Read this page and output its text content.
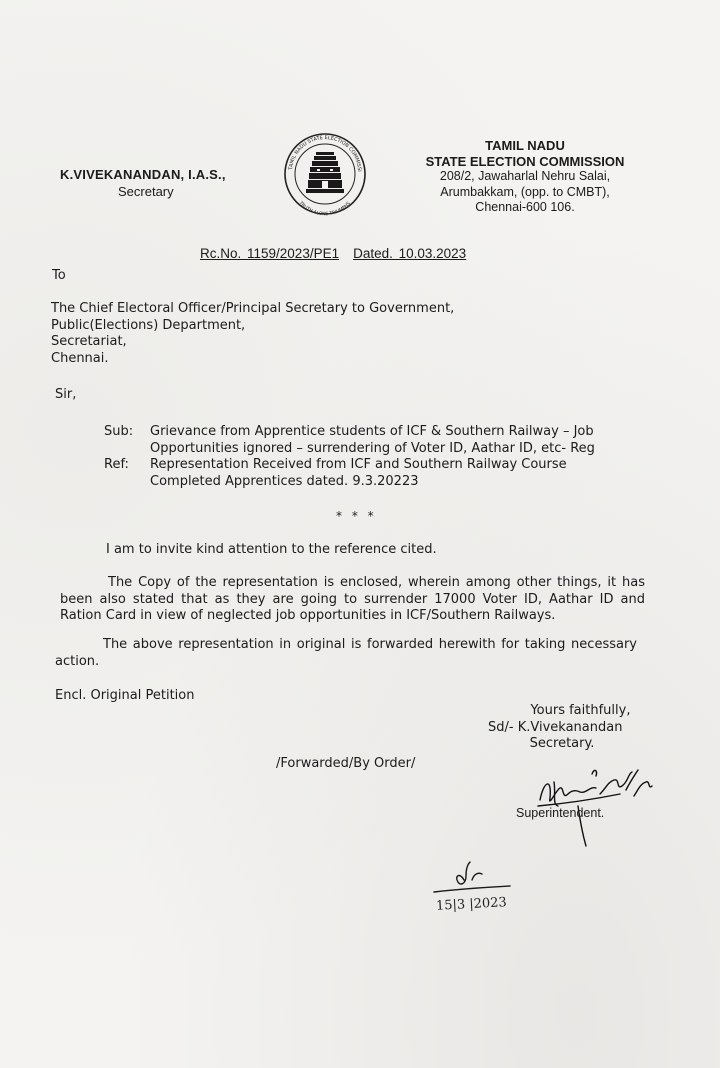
K.VIVEKANANDAN, I.A.S.,
Secretary
TAMIL NADU STATE ELECTION COMMISSI
TRUTH ALONE TRIUMPHS
TAMIL NADU
STATE ELECTION COMMISSION
208/2, Jawaharlal Nehru Salai,
Arumbakkam, (opp. to CMBT),
Chennai-600 106.
Rc.No. 1159/2023/PE1 Dated. 10.03.2023
To
The Chief Electoral Officer/Principal Secretary to Government,
Public(Elections) Department,
Secretariat,
Chennai.
Sir,
Sub: Grievance from Apprentice students of ICF & Southern Railway – Job
Opportunities ignored – surrendering of Voter ID, Aathar ID, etc- Reg
Ref: Representation Received from ICF and Southern Railway Course
Completed Apprentices dated. 9.3.20223
* * *
I am to invite kind attention to the reference cited.
The Copy of the representation is enclosed, wherein among other things, it has been also stated that as they are going to surrender 17000 Voter ID, Aathar ID and Ration Card in view of neglected job opportunities in ICF/Southern Railways.
The above representation in original is forwarded herewith for taking necessary action.
Encl. Original Petition
Yours faithfully,
Sd/- K.Vivekanandan
Secretary.
/Forwarded/By Order/
Superintendent.
15|3 |2023
